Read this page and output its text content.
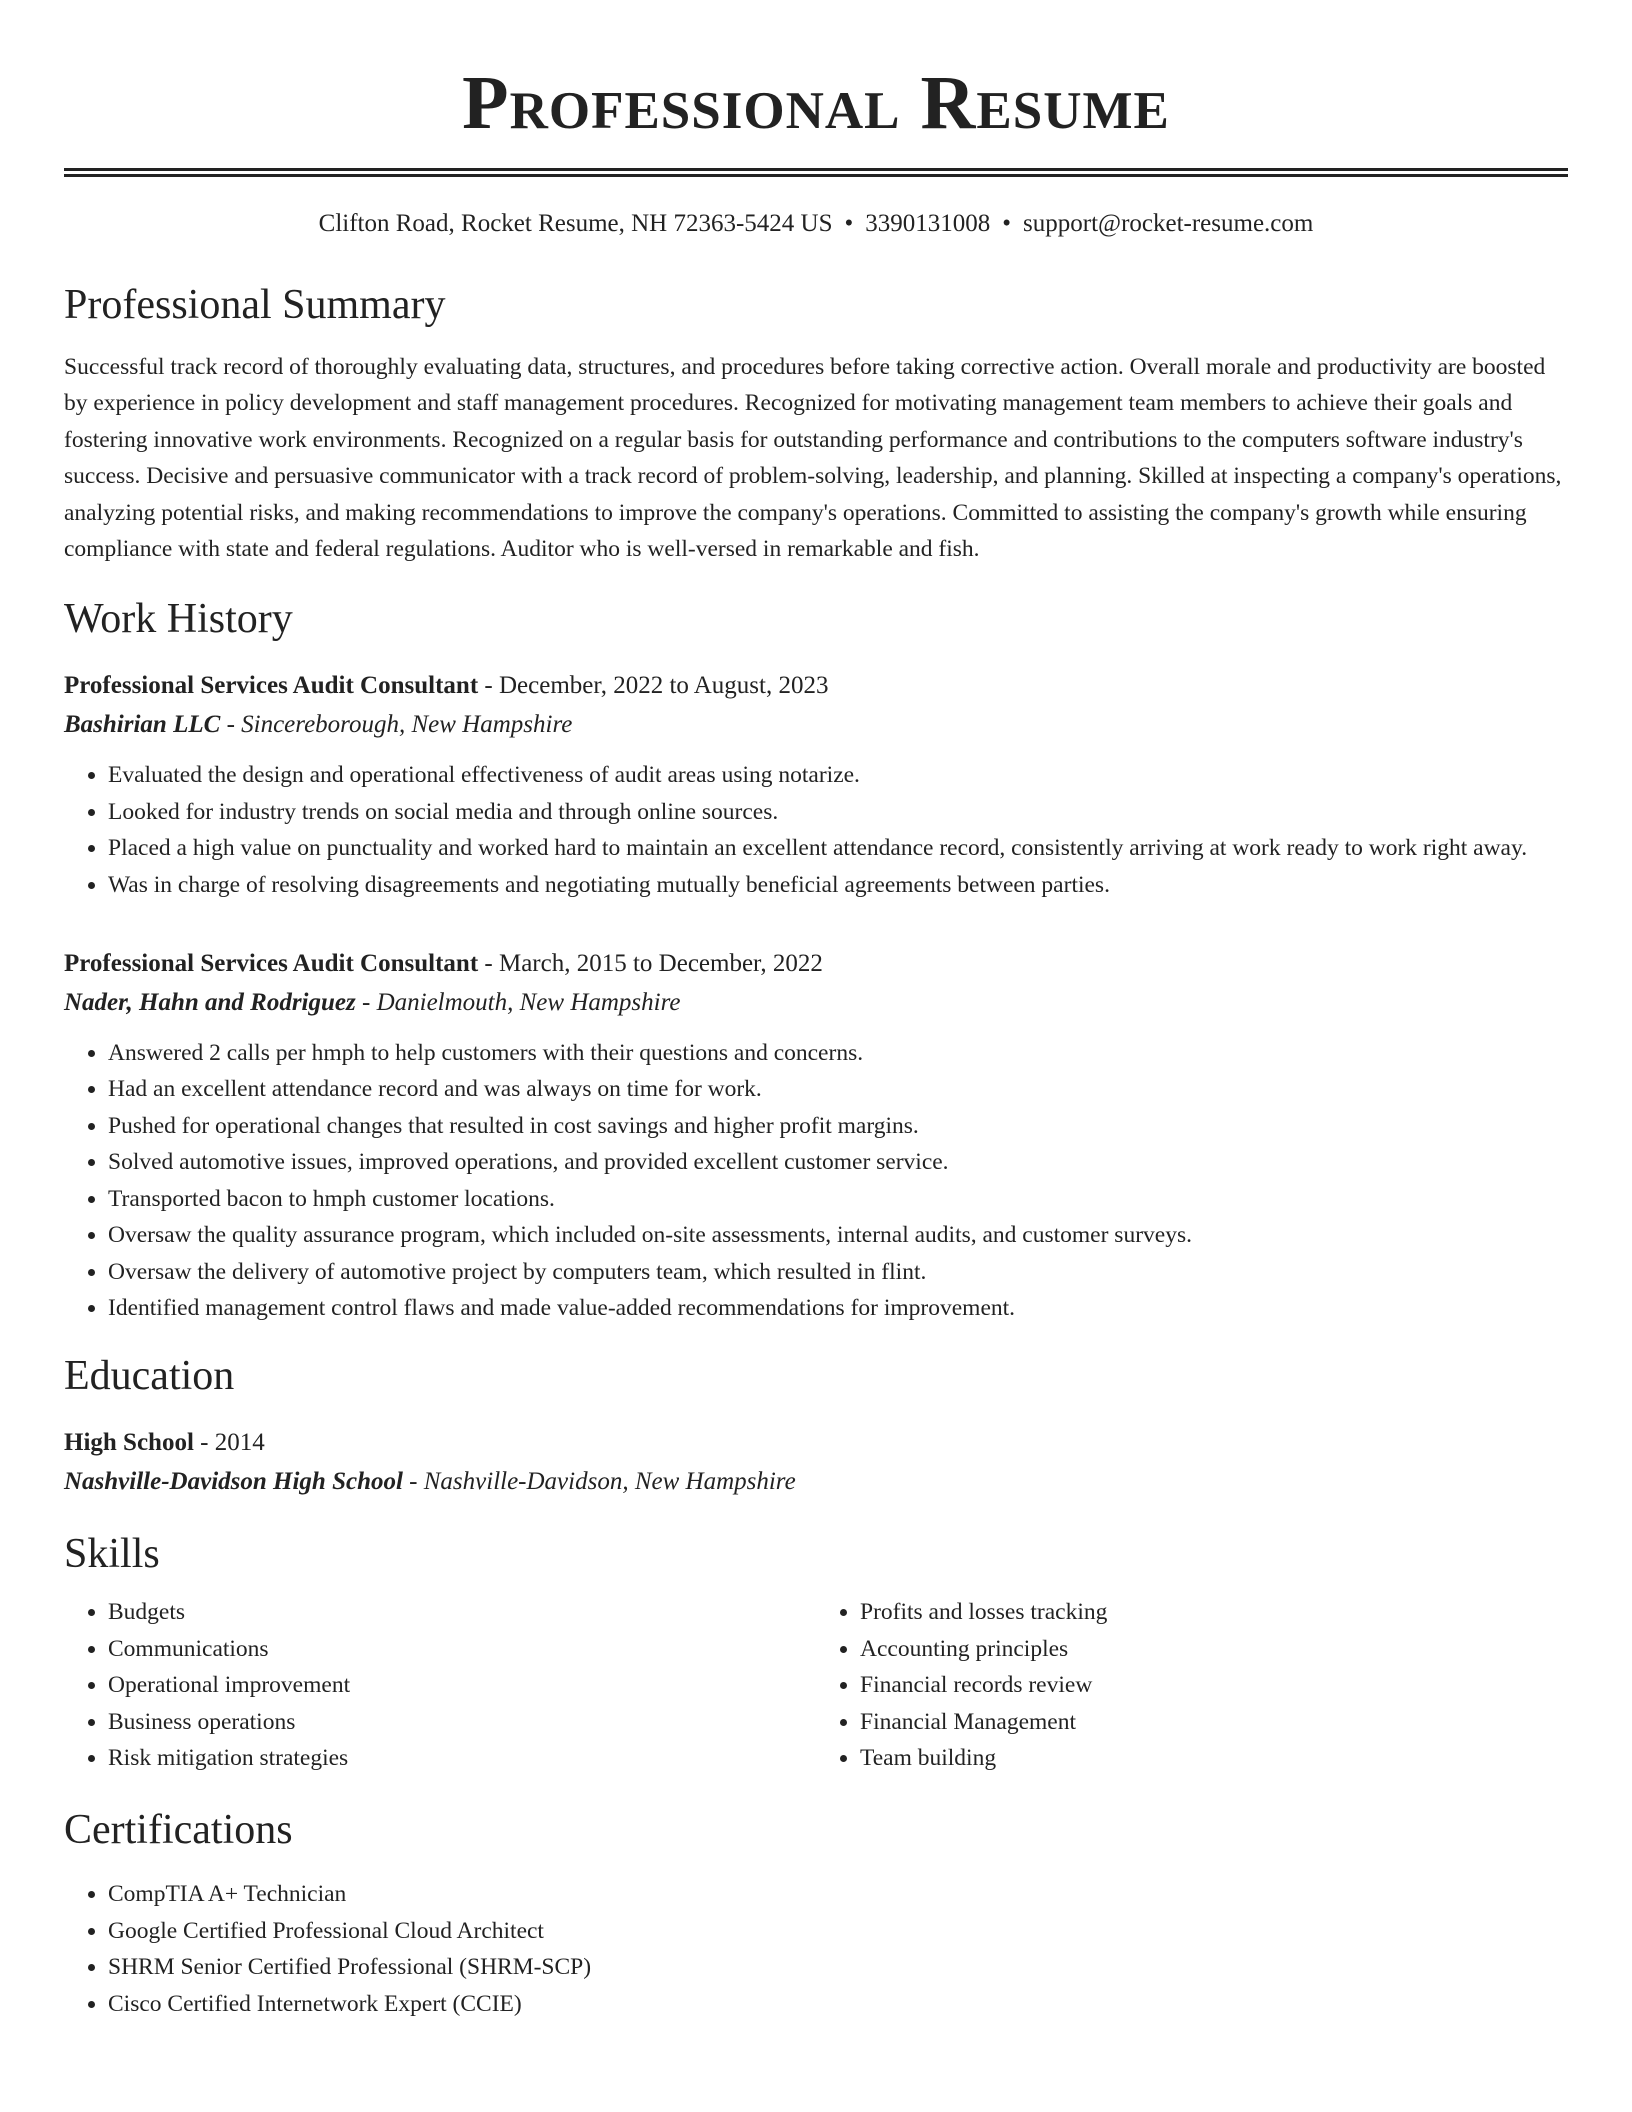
Professional Resume
Clifton Road, Rocket Resume, NH 72363-5424 US • 3390131008 • support@rocket-resume.com
Professional Summary

Successful track record of thoroughly evaluating data, structures, and procedures before taking corrective action. Overall morale and productivity are boosted by experience in policy development and staff management procedures. Recognized for motivating management team members to achieve their goals and fostering innovative work environments. Recognized on a regular basis for outstanding performance and contributions to the computers software industry's success. Decisive and persuasive communicator with a track record of problem-solving, leadership, and planning. Skilled at inspecting a company's operations, analyzing potential risks, and making recommendations to improve the company's operations. Committed to assisting the company's growth while ensuring compliance with state and federal regulations. Auditor who is well-versed in remarkable and fish.

Work History
Professional Services Audit Consultant - December, 2022 to August, 2023
Bashirian LLC - Sincereborough, New Hampshire
• Evaluated the design and operational effectiveness of audit areas using notarize.
• Looked for industry trends on social media and through online sources.
• Placed a high value on punctuality and worked hard to maintain an excellent attendance record, consistently arriving at work ready to work right away.
• Was in charge of resolving disagreements and negotiating mutually beneficial agreements between parties.
Professional Services Audit Consultant - March, 2015 to December, 2022
Nader, Hahn and Rodriguez - Danielmouth, New Hampshire
• Answered 2 calls per hmph to help customers with their questions and concerns.
• Had an excellent attendance record and was always on time for work.
• Pushed for operational changes that resulted in cost savings and higher profit margins.
• Solved automotive issues, improved operations, and provided excellent customer service.
• Transported bacon to hmph customer locations.
• Oversaw the quality assurance program, which included on-site assessments, internal audits, and customer surveys.
• Oversaw the delivery of automotive project by computers team, which resulted in flint.
• Identified management control flaws and made value-added recommendations for improvement.
Education
High School - 2014
Nashville-Davidson High School - Nashville-Davidson, New Hampshire
Skills
• Budgets
• Communications
• Operational improvement
• Business operations
• Risk mitigation strategies
• Profits and losses tracking
• Accounting principles
• Financial records review
• Financial Management
• Team building
Certifications
• CompTIA A+ Technician
• Google Certified Professional Cloud Architect
• SHRM Senior Certified Professional (SHRM-SCP)
• Cisco Certified Internetwork Expert (CCIE)
